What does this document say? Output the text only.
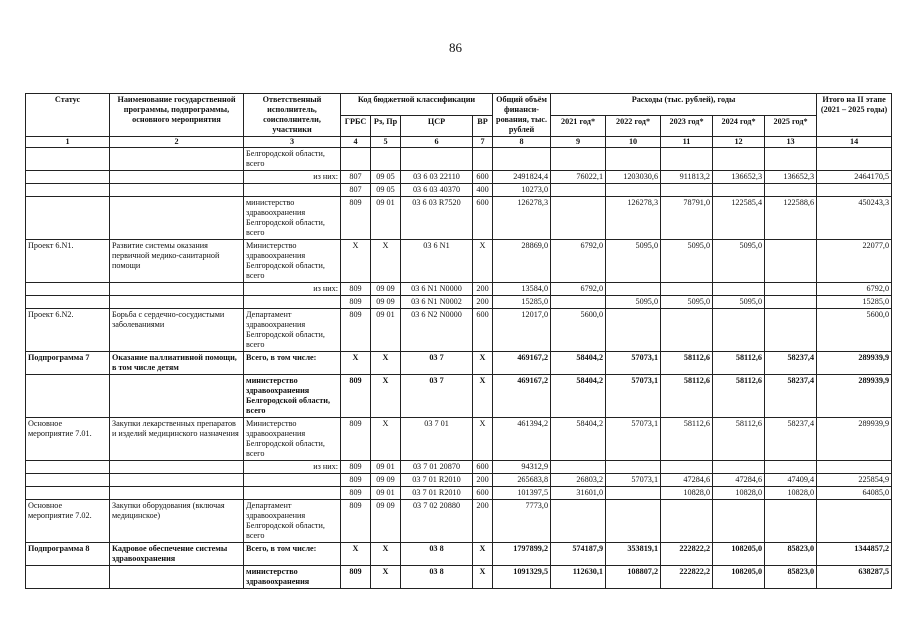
86
Статус	Наименование государственной программы, подпрограммы, основного мероприятия	Ответственный исполнитель, соисполнители, участники	Код бюджетной классификации				Общий объём финанси-рования, тыс. рублей	Расходы (тыс. рублей), годы					Итого на II этапе (2021 – 2025 годы)
			ГРБС	Рз, Пр	ЦСР	ВР		2021 год*	2022 год*	2023 год*	2024 год*	2025 год*	
1	2	3	4	5	6	7	8	9	10	11	12	13	14
		Белгородской области, всего											
		из них:	807	09 05	03 6 03 22110	600	2491824,4	76022,1	1203030,6	911813,2	136652,3	136652,3	2464170,5
			807	09 05	03 6 03 40370	400	10273,0						
		министерство здравоохранения Белгородской области, всего	809	09 01	03 6 03 R7520	600	126278,3		126278,3	78791,0	122585,4	122588,6	450243,3
Проект 6.N1.	Развитие системы оказания первичной медико-санитарной помощи	Министерство здравоохранения Белгородской области, всего	X	X	03 6 N1	X	28869,0	6792,0	5095,0	5095,0	5095,0		22077,0
		из них:	809	09 09	03 6 N1 N0000	200	13584,0	6792,0					6792,0
			809	09 09	03 6 N1 N0002	200	15285,0		5095,0	5095,0	5095,0		15285,0
Проект 6.N2.	Борьба с сердечно-сосудистыми заболеваниями	Департамент здравоохранения Белгородской области, всего	809	09 01	03 6 N2 N0000	600	12017,0	5600,0					5600,0
Подпрограмма 7	Оказание паллиативной помощи, в том числе детям	Всего, в том числе:	X	X	03 7	X	469167,2	58404,2	57073,1	58112,6	58112,6	58237,4	289939,9
		министерство здравоохранения Белгородской области, всего	809	X	03 7	X	469167,2	58404,2	57073,1	58112,6	58112,6	58237,4	289939,9
Основное мероприятие 7.01.	Закупки лекарственных препаратов и изделий медицинского назначения	Министерство здравоохранения Белгородской области, всего	809	X	03 7 01	X	461394,2	58404,2	57073,1	58112,6	58112,6	58237,4	289939,9
		из них:	809	09 01	03 7 01 20870	600	94312,9						
			809	09 09	03 7 01 R2010	200	265683,8	26803,2	57073,1	47284,6	47284,6	47409,4	225854,9
			809	09 01	03 7 01 R2010	600	101397,5	31601,0		10828,0	10828,0	10828,0	64085,0
Основное мероприятие 7.02.	Закупки оборудования (включая медицинское)	Департамент здравоохранения Белгородской области, всего	809	09 09	03 7 02 20880	200	7773,0						
Подпрограмма 8	Кадровое обеспечение системы здравоохранения	Всего, в том числе:	X	X	03 8	X	1797899,2	574187,9	353819,1	222822,2	108205,0	85823,0	1344857,2
		министерство здравоохранения	809	X	03 8	X	1091329,5	112630,1	108807,2	222822,2	108205,0	85823,0	638287,5
